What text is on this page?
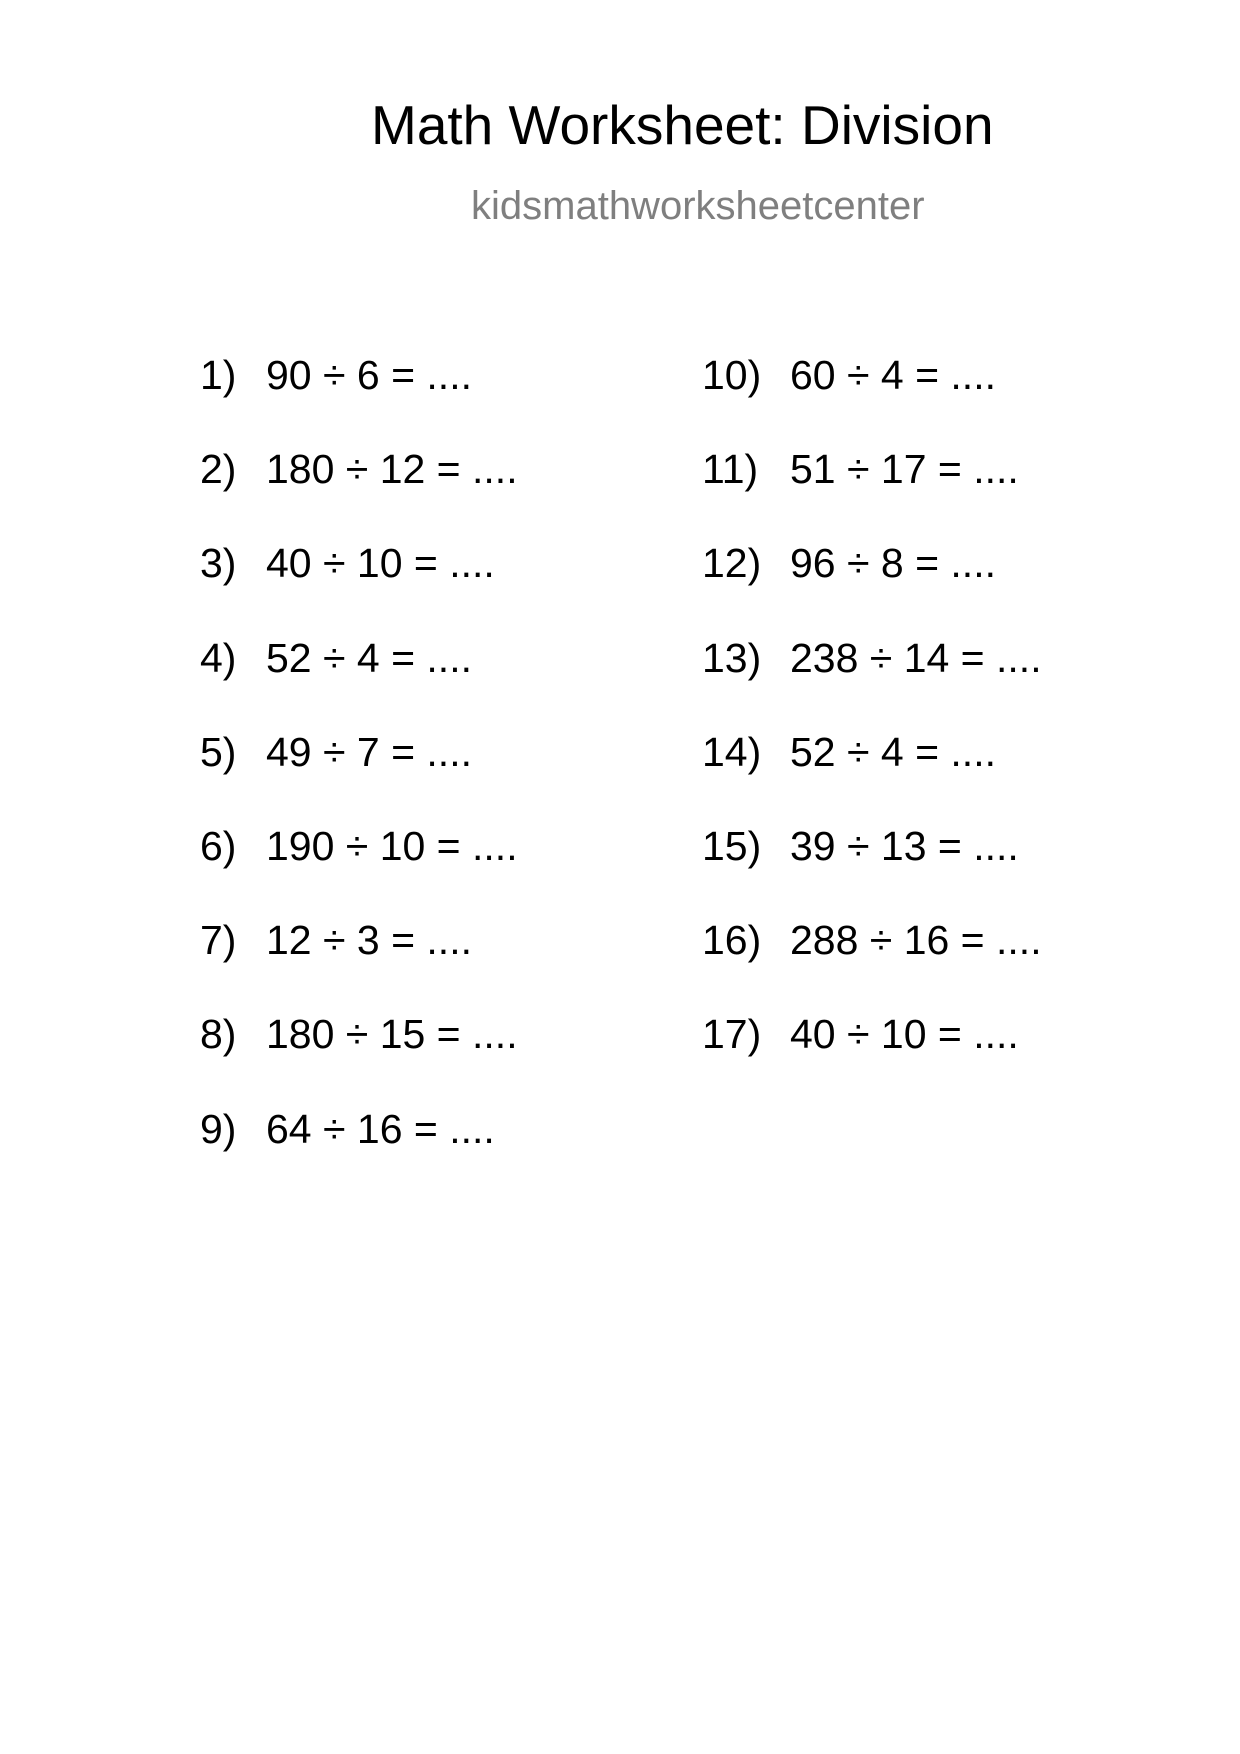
Math Worksheet: Division
kidsmathworksheetcenter
1) 90 ÷ 6 = ....
2) 180 ÷ 12 = ....
3) 40 ÷ 10 = ....
4) 52 ÷ 4 = ....
5) 49 ÷ 7 = ....
6) 190 ÷ 10 = ....
7) 12 ÷ 3 = ....
8) 180 ÷ 15 = ....
9) 64 ÷ 16 = ....
10) 60 ÷ 4 = ....
11) 51 ÷ 17 = ....
12) 96 ÷ 8 = ....
13) 238 ÷ 14 = ....
14) 52 ÷ 4 = ....
15) 39 ÷ 13 = ....
16) 288 ÷ 16 = ....
17) 40 ÷ 10 = ....
